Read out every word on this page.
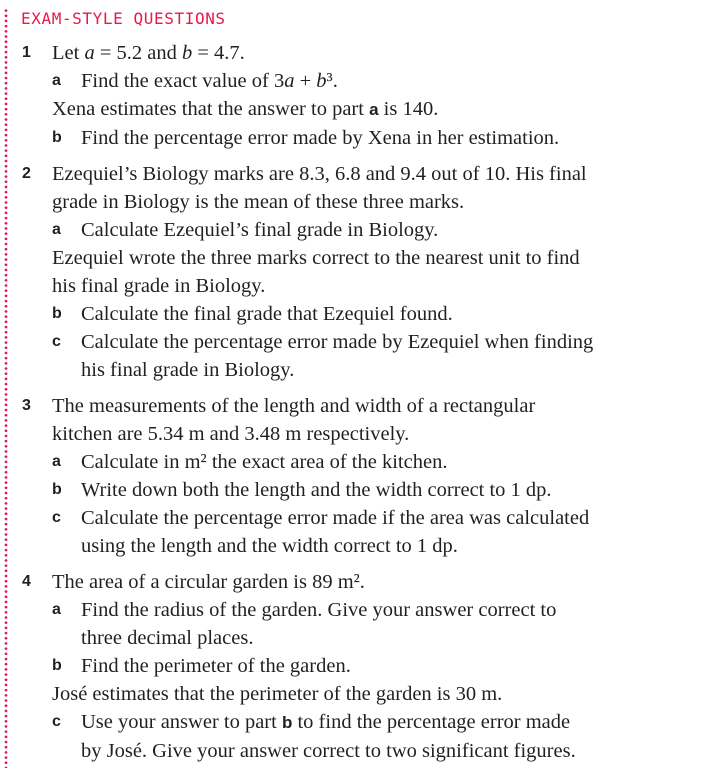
EXAM-STYLE QUESTIONS
1 Let a = 5.2 and b = 4.7.
a Find the exact value of 3a + b³.
Xena estimates that the answer to part a is 140.
b Find the percentage error made by Xena in her estimation.
2 Ezequiel’s Biology marks are 8.3, 6.8 and 9.4 out of 10. His final
grade in Biology is the mean of these three marks.
a Calculate Ezequiel’s final grade in Biology.
Ezequiel wrote the three marks correct to the nearest unit to find
his final grade in Biology.
b Calculate the final grade that Ezequiel found.
c Calculate the percentage error made by Ezequiel when finding
his final grade in Biology.
3 The measurements of the length and width of a rectangular
kitchen are 5.34 m and 3.48 m respectively.
a Calculate in m² the exact area of the kitchen.
b Write down both the length and the width correct to 1 dp.
c Calculate the percentage error made if the area was calculated
using the length and the width correct to 1 dp.
4 The area of a circular garden is 89 m².
a Find the radius of the garden. Give your answer correct to
three decimal places.
b Find the perimeter of the garden.
José estimates that the perimeter of the garden is 30 m.
c Use your answer to part b to find the percentage error made
by José. Give your answer correct to two significant figures.
